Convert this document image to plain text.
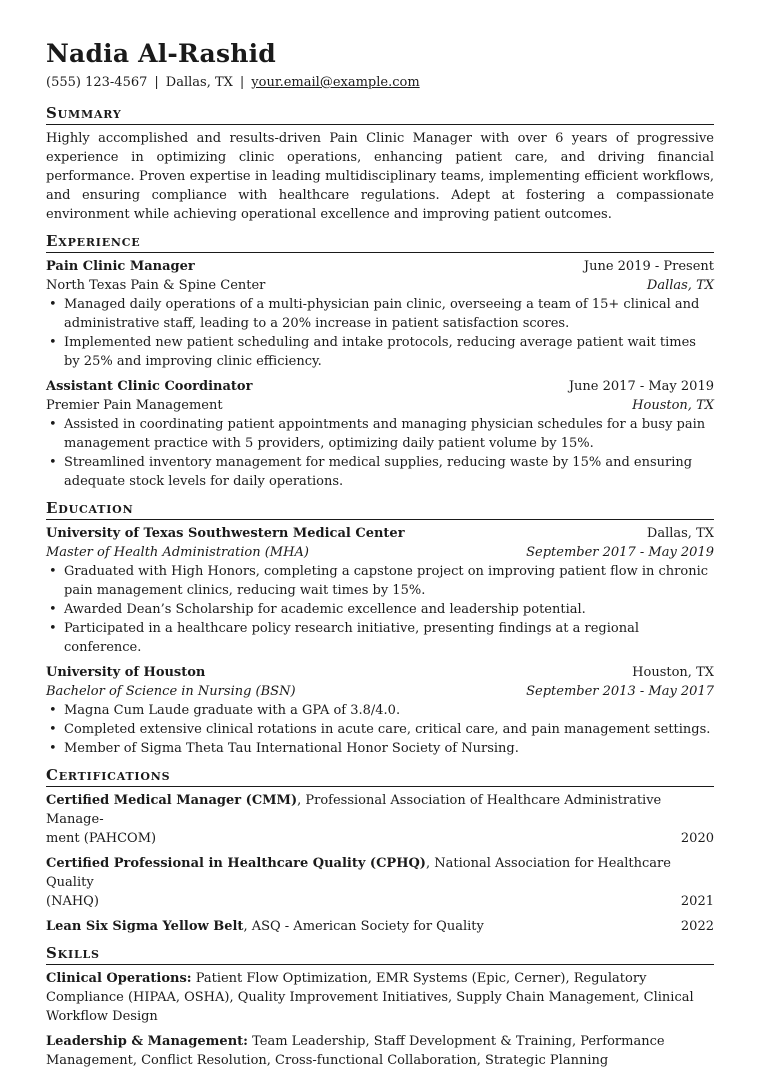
Nadia Al-Rashid
(555) 123-4567 | Dallas, TX | your.email@example.com
Summary

Highly accomplished and results-driven Pain Clinic Manager with over 6 years of progressive experience in optimizing clinic operations, enhancing patient care, and driving financial performance. Proven expertise in leading multidisciplinary teams, implementing efficient workflows, and ensuring compliance with healthcare regulations. Adept at fostering a compassionate environment while achieving operational excellence and improving patient outcomes.

Experience
Pain Clinic Manager	June 2019 - Present
North Texas Pain & Spine Center	Dallas, TX
• Managed daily operations of a multi-physician pain clinic, overseeing a team of 15+ clinical and administrative staff, leading to a 20% increase in patient satisfaction scores.
• Implemented new patient scheduling and intake protocols, reducing average patient wait times by 25% and improving clinic efficiency.
Assistant Clinic Coordinator	June 2017 - May 2019
Premier Pain Management	Houston, TX
• Assisted in coordinating patient appointments and managing physician schedules for a busy pain management practice with 5 providers, optimizing daily patient volume by 15%.
• Streamlined inventory management for medical supplies, reducing waste by 15% and ensuring adequate stock levels for daily operations.
Education
University of Texas Southwestern Medical Center	Dallas, TX
Master of Health Administration (MHA)	September 2017 - May 2019
• Graduated with High Honors, completing a capstone project on improving patient flow in chronic pain management clinics, reducing wait times by 15%.
• Awarded Dean’s Scholarship for academic excellence and leadership potential.
• Participated in a healthcare policy research initiative, presenting findings at a regional conference.
University of Houston	Houston, TX
Bachelor of Science in Nursing (BSN)	September 2013 - May 2017
• Magna Cum Laude graduate with a GPA of 3.8/4.0.
• Completed extensive clinical rotations in acute care, critical care, and pain management settings.
• Member of Sigma Theta Tau International Honor Society of Nursing.
Certifications
Certified Medical Manager (CMM), Professional Association of Healthcare Administrative Manage-
ment (PAHCOM)	2020
Certified Professional in Healthcare Quality (CPHQ), National Association for Healthcare Quality
(NAHQ)	2021
Lean Six Sigma Yellow Belt, ASQ - American Society for Quality	2022
Skills
Clinical Operations: Patient Flow Optimization, EMR Systems (Epic, Cerner), Regulatory Compliance (HIPAA, OSHA), Quality Improvement Initiatives, Supply Chain Management, Clinical Workflow Design
Leadership & Management: Team Leadership, Staff Development & Training, Performance Management, Conflict Resolution, Cross-functional Collaboration, Strategic Planning
